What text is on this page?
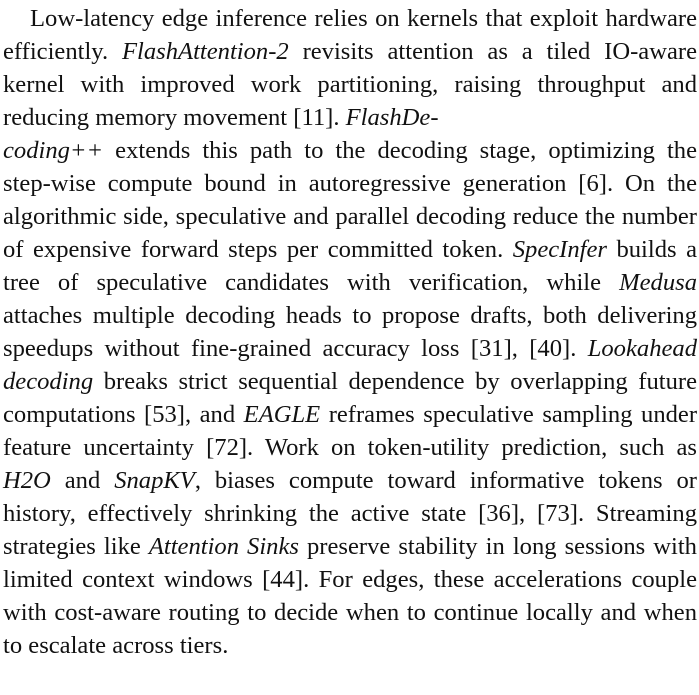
Low-latency edge inference relies on kernels that exploit hardware efficiently. FlashAttention-2 revisits attention as a tiled IO-aware kernel with improved work partitioning, raising throughput and reducing memory movement [11]. FlashDe-
coding++ extends this path to the decoding stage, optimizing the step-wise compute bound in autoregressive generation [6]. On the algorithmic side, speculative and parallel decoding reduce the number of expensive forward steps per committed token. SpecInfer builds a tree of speculative candidates with verification, while Medusa attaches multiple decoding heads to propose drafts, both delivering speedups without fine-grained accuracy loss [31], [40]. Lookahead decoding breaks strict sequential dependence by overlapping future computations [53], and EAGLE reframes speculative sampling under feature uncertainty [72]. Work on token-utility prediction, such as H2O and SnapKV, biases compute toward informative tokens or history, effectively shrinking the active state [36], [73]. Streaming strategies like Attention Sinks preserve stability in long sessions with limited context windows [44]. For edges, these accelerations couple with cost-aware routing to decide when to continue locally and when to escalate across tiers.
